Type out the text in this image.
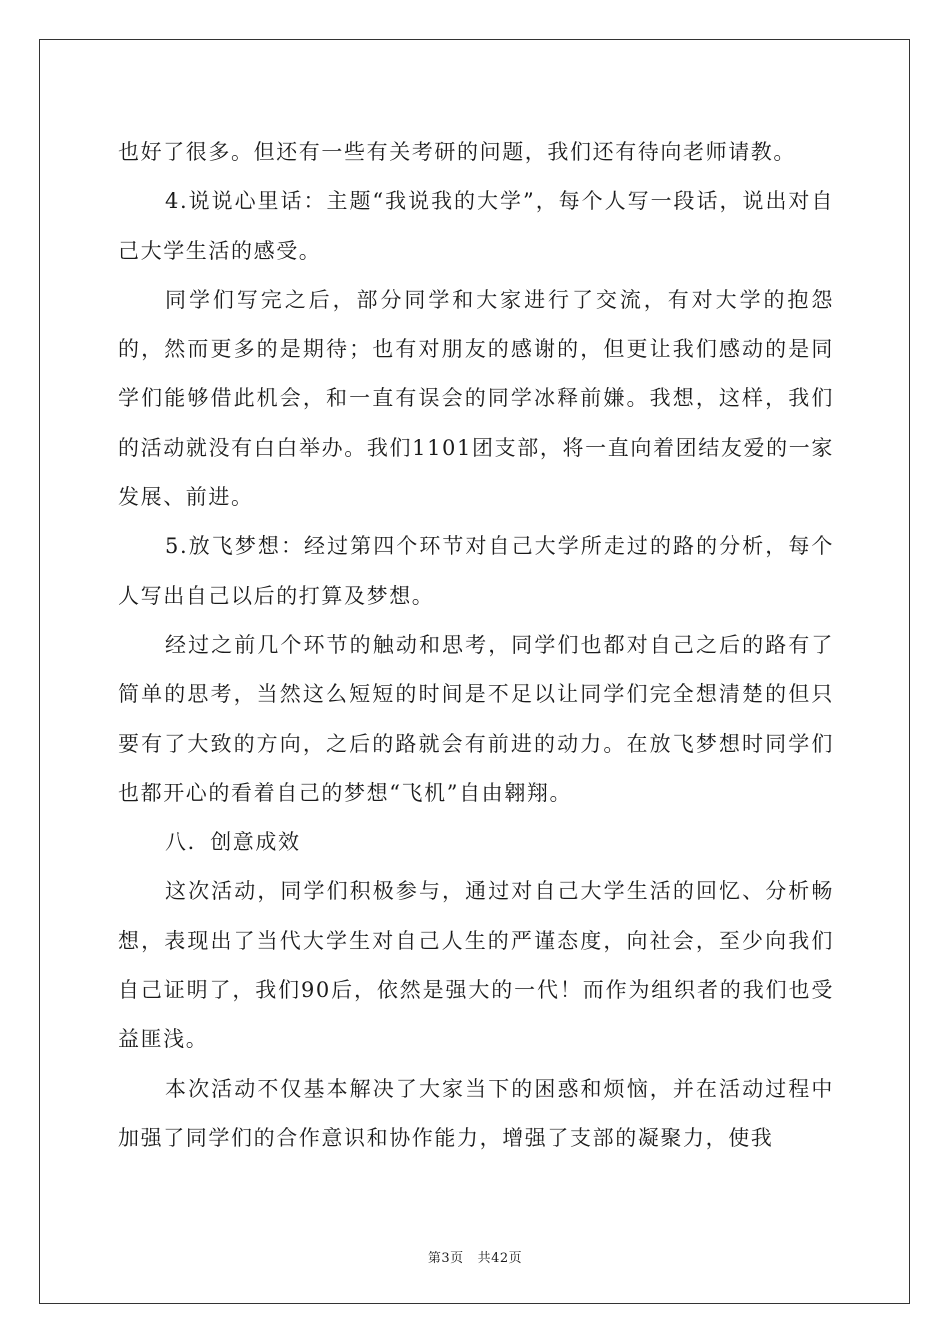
也好了很多。但还有一些有关考研的问题，我们还有待向老师请教。

4.说说心里话：主题“我说我的大学”，每个人写一段话，说出对自己大学生活的感受。

同学们写完之后，部分同学和大家进行了交流，有对大学的抱怨的，然而更多的是期待；也有对朋友的感谢的，但更让我们感动的是同学们能够借此机会，和一直有误会的同学冰释前嫌。我想，这样，我们的活动就没有白白举办。我们1101团支部，将一直向着团结友爱的一家发展、前进。

5.放飞梦想：经过第四个环节对自己大学所走过的路的分析，每个人写出自己以后的打算及梦想。

经过之前几个环节的触动和思考，同学们也都对自己之后的路有了简单的思考，当然这么短短的时间是不足以让同学们完全想清楚的但只要有了大致的方向，之后的路就会有前进的动力。在放飞梦想时同学们也都开心的看着自己的梦想“飞机”自由翱翔。

八．创意成效

这次活动，同学们积极参与，通过对自己大学生活的回忆、分析畅想，表现出了当代大学生对自己人生的严谨态度，向社会，至少向我们自己证明了，我们90后，依然是强大的一代！而作为组织者的我们也受益匪浅。

本次活动不仅基本解决了大家当下的困惑和烦恼，并在活动过程中加强了同学们的合作意识和协作能力，增强了支部的凝聚力，使我

第3页 共42页
